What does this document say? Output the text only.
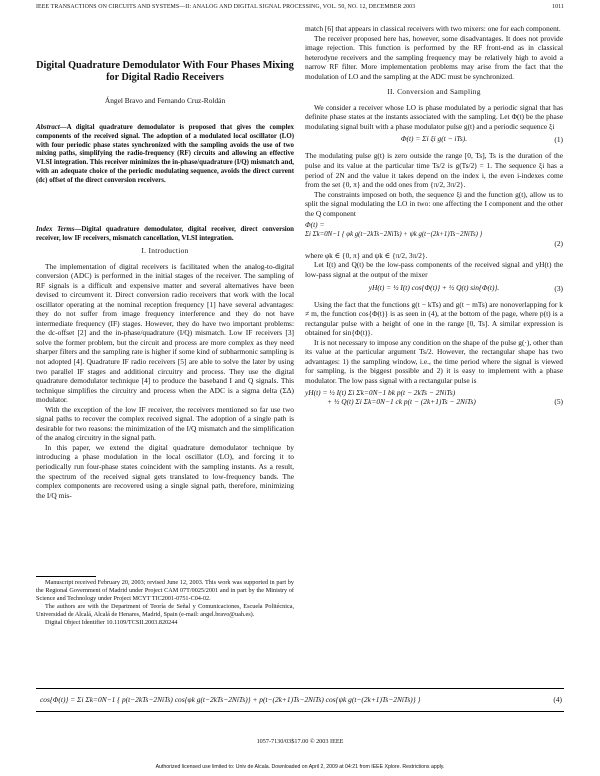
IEEE TRANSACTIONS ON CIRCUITS AND SYSTEMS—II: ANALOG AND DIGITAL SIGNAL PROCESSING, VOL. 50, NO. 12, DECEMBER 2003	1011
Digital Quadrature Demodulator With Four Phases Mixing for Digital Radio Receivers
Ángel Bravo and Fernando Cruz-Roldán
Abstract—A digital quadrature demodulator is proposed that gives the complex components of the received signal. The adoption of a modulated local oscillator (LO) with four periodic phase states synchronized with the sampling avoids the use of two mixing paths, simplifying the radio-frequency (RF) circuits and allowing an effective VLSI integration. This receiver minimizes the in-phase/quadrature (I/Q) mismatch and, with an adequate choice of the periodic modulating sequence, avoids the direct current (dc) offset of the direct conversion receivers.
Index Terms—Digital quadrature demodulator, digital receiver, direct conversion receiver, low IF receivers, mismatch cancellation, VLSI integration.
I. Introduction

The implementation of digital receivers is facilitated when the analog-to-digital conversion (ADC) is performed in the initial stages of the receiver. The sampling of RF signals is a difficult and expensive matter and several alternatives have been devised to circumvent it. Direct conversion radio receivers that work with the local oscillator operating at the nominal reception frequency [1] have several advantages: they do not suffer from image frequency interference and they do not have intermediate frequency (IF) stages. However, they do have two important problems: the dc-offset [2] and the in-phase/quadrature (I/Q) mismatch. Low IF receivers [3] solve the former problem, but the circuit and process are more complex as they need sharper filters and the sampling rate is higher if some kind of subharmonic sampling is not adopted [4]. Quadrature IF radio receivers [5] are able to solve the later by using two parallel IF stages and additional circuitry and process. They use the digital quadrature demodulator technique [4] to produce the baseband I and Q signals. This technique simplifies the circuitry and process when the ADC is a sigma delta (ΣΔ) modulator.

With the exception of the low IF receiver, the receivers mentioned so far use two signal paths to recover the complex received signal. The adoption of a single path is desirable for two reasons: the minimization of the I/Q mismatch and the simplification of the analog circuitry in the signal path.

In this paper, we extend the digital quadrature demodulator technique by introducing a phase modulation in the local oscillator (LO), and forcing it to periodically run four-phase states coincident with the sampling instants. As a result, the spectrum of the received signal gets translated to low-frequency bands. The complex components are recovered using a single signal path, therefore, minimizing the I/Q mis-

Manuscript received February 20, 2003; revised June 12, 2003. This work was supported in part by the Regional Government of Madrid under Project CAM 07T/0025/2001 and in part by the Ministry of Science and Technology under Project MCYT TIC2001-0751-C04-02.

The authors are with the Department of Teoría de Señal y Comunicaciones, Escuela Politécnica, Universidad de Alcalá, Alcalá de Henares, Madrid, Spain (e-mail: angel.bravo@uah.es).

Digital Object Identifier 10.1109/TCSII.2003.820244

match [6] that appears in classical receivers with two mixers: one for each component.

The receiver proposed here has, however, some disadvantages. It does not provide image rejection. This function is performed by the RF front-end as in classical heterodyne receivers and the sampling frequency may be relatively high to avoid a narrow RF filter. More implementation problems may arise from the fact that the modulation of LO and the sampling at the ADC must be synchronized.

II. Conversion and Sampling

We consider a receiver whose LO is phase modulated by a periodic signal that has definite phase states at the instants associated with the sampling. Let Φ(t) be the phase modulating signal built with a phase modulator pulse g(t) and a periodic sequence ξi

Φ(t) = Σi ξi g(t − iTs).	(1)

The modulating pulse g(t) is zero outside the range [0, Ts], Ts is the duration of the pulse and its value at the particular time Ts/2 is g(Ts/2) = 1. The sequence ξi has a period of 2N and the value it takes depend on the index i, the even i-indexes come from the set {0, π} and the odd ones from {π/2, 3π/2}.

The constraints imposed on both, the sequence ξi and the function g(t), allow us to split the signal modulating the LO in two: one affecting the I component and the other the Q component

Φ(t) =
Σi Σk=0N−1 { φk g(t−2kTs−2NiTs) + ψk g(t−(2k+1)Ts−2NiTs) }
(2)

where φk ∈ {0, π} and ψk ∈ {π/2, 3π/2}.

Let I(t) and Q(t) be the low-pass components of the received signal and yH(t) the low-pass signal at the output of the mixer

yH(t) = ½ I(t) cos{Φ(t)} + ½ Q(t) sin{Φ(t)}.	(3)

Using the fact that the functions g(t − kTs) and g(t − mTs) are nonoverlapping for k ≠ m, the function cos{Φ(t)} is as seen in (4), at the bottom of the page, where p(t) is a rectangular pulse with a height of one in the range [0, Ts]. A similar expression is obtained for sin{Φ(t)}.

It is not necessary to impose any condition on the shape of the pulse g(·), other than its value at the particular argument Ts/2. However, the rectangular shape has two advantages: 1) the sampling window, i.e., the time period where the signal is viewed for sampling, is the biggest possible and 2) it is easy to implement with a phase modulator. The low pass signal with a rectangular pulse is

yH(t) = ½ I(t) Σi Σk=0N−1 bk p(t − 2kTs − 2NiTs)
+ ½ Q(t) Σi Σk=0N−1 ck p(t − (2k+1)Ts − 2NiTs)	(5)
cos{Φ(t)} = Σi Σk=0N−1 { p(t−2kTs−2NiTs) cos{φk g(t−2kTs−2NiTs)} + p(t−(2k+1)Ts−2NiTs) cos{ψk g(t−(2k+1)Ts−2NiTs)} }	(4)
1057-7130/03$17.00 © 2003 IEEE
Authorized licensed use limited to: Univ de Alcala. Downloaded on April 2, 2009 at 04:21 from IEEE Xplore. Restrictions apply.
